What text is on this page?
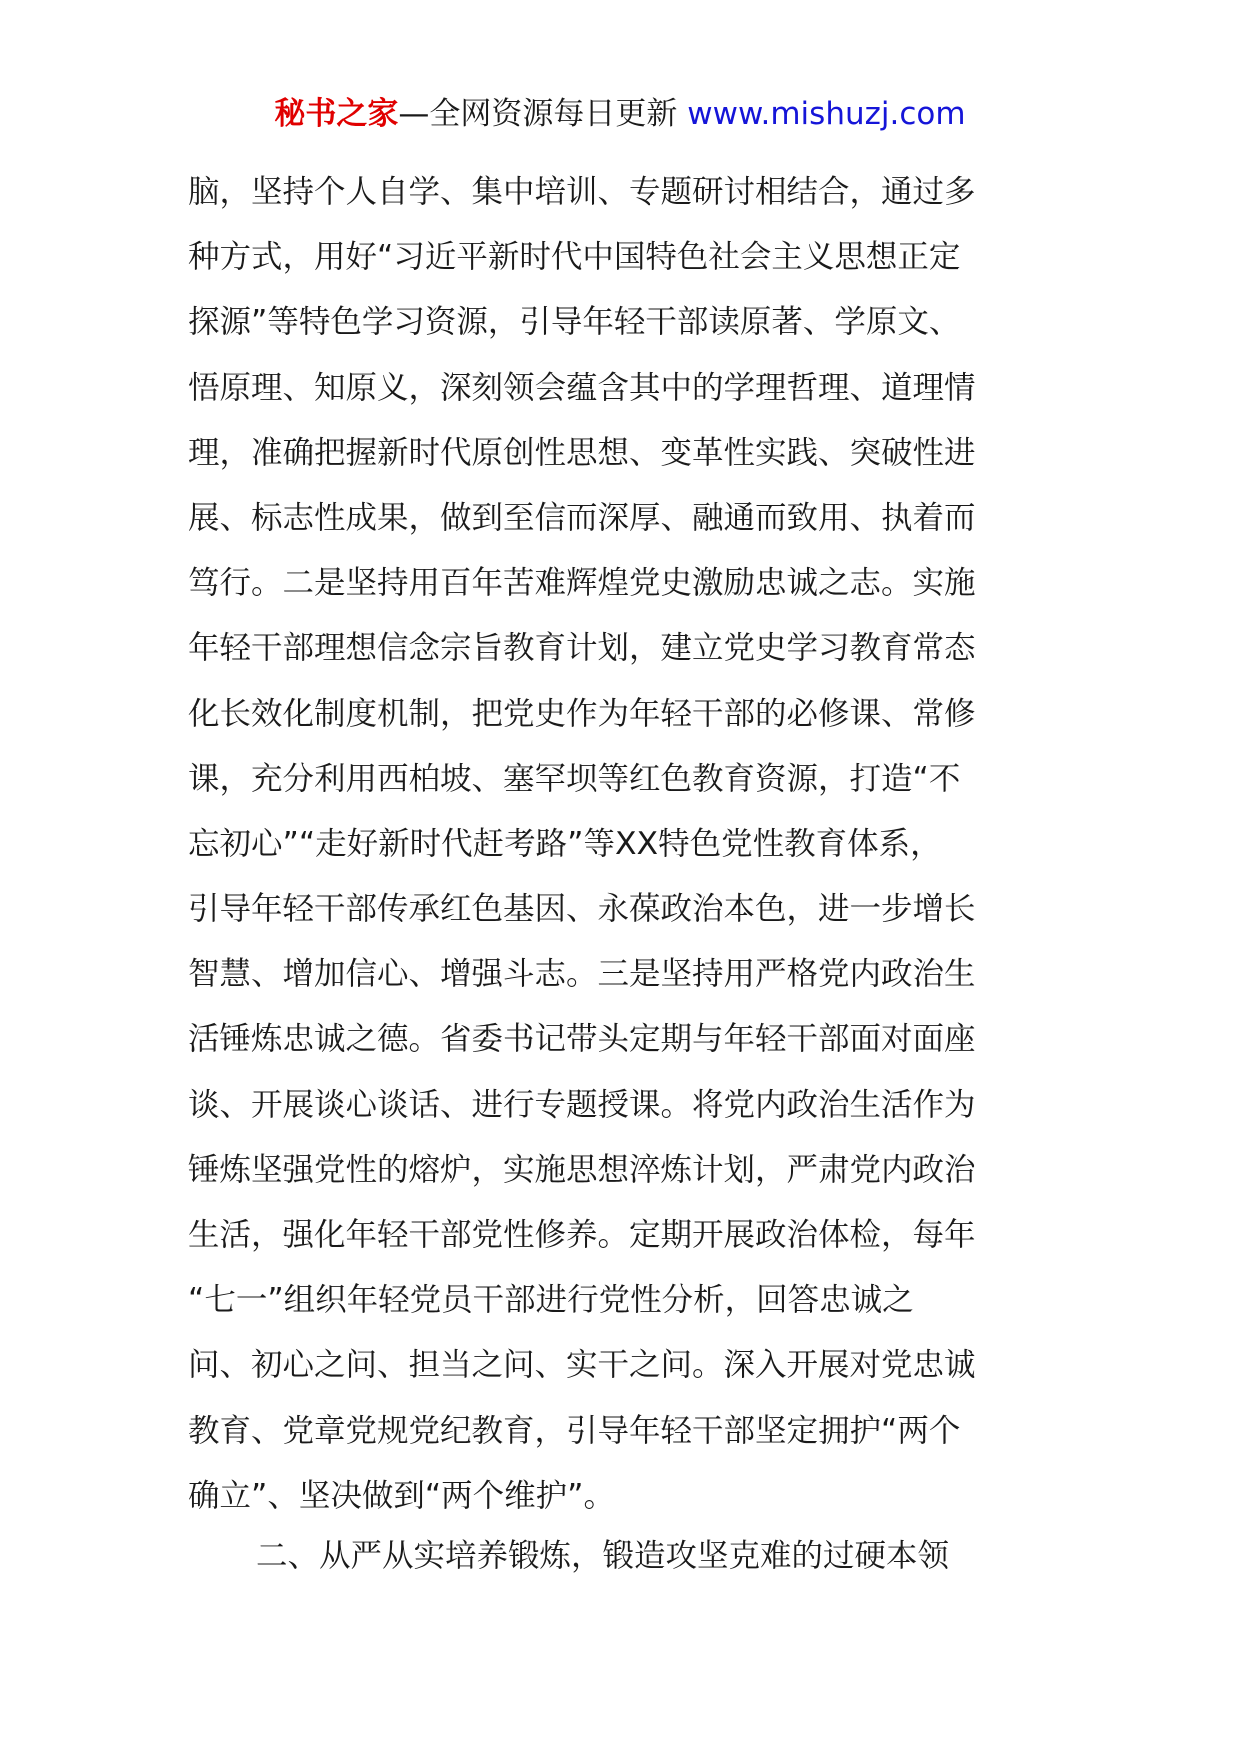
秘书之家—全网资源每日更新 www.mishuzj.com
脑，坚持个人自学、集中培训、专题研讨相结合，通过多
种方式，用好“习近平新时代中国特色社会主义思想正定
探源”等特色学习资源，引导年轻干部读原著、学原文、
悟原理、知原义，深刻领会蕴含其中的学理哲理、道理情
理，准确把握新时代原创性思想、变革性实践、突破性进
展、标志性成果，做到至信而深厚、融通而致用、执着而
笃行。二是坚持用百年苦难辉煌党史激励忠诚之志。实施
年轻干部理想信念宗旨教育计划，建立党史学习教育常态
化长效化制度机制，把党史作为年轻干部的必修课、常修
课，充分利用西柏坡、塞罕坝等红色教育资源，打造“不
忘初心”“走好新时代赶考路”等XX特色党性教育体系，
引导年轻干部传承红色基因、永葆政治本色，进一步增长
智慧、增加信心、增强斗志。三是坚持用严格党内政治生
活锤炼忠诚之德。省委书记带头定期与年轻干部面对面座
谈、开展谈心谈话、进行专题授课。将党内政治生活作为
锤炼坚强党性的熔炉，实施思想淬炼计划，严肃党内政治
生活，强化年轻干部党性修养。定期开展政治体检，每年
“七一”组织年轻党员干部进行党性分析，回答忠诚之
问、初心之问、担当之问、实干之问。深入开展对党忠诚
教育、党章党规党纪教育，引导年轻干部坚定拥护“两个
确立”、坚决做到“两个维护”。
二、从严从实培养锻炼，锻造攻坚克难的过硬本领
